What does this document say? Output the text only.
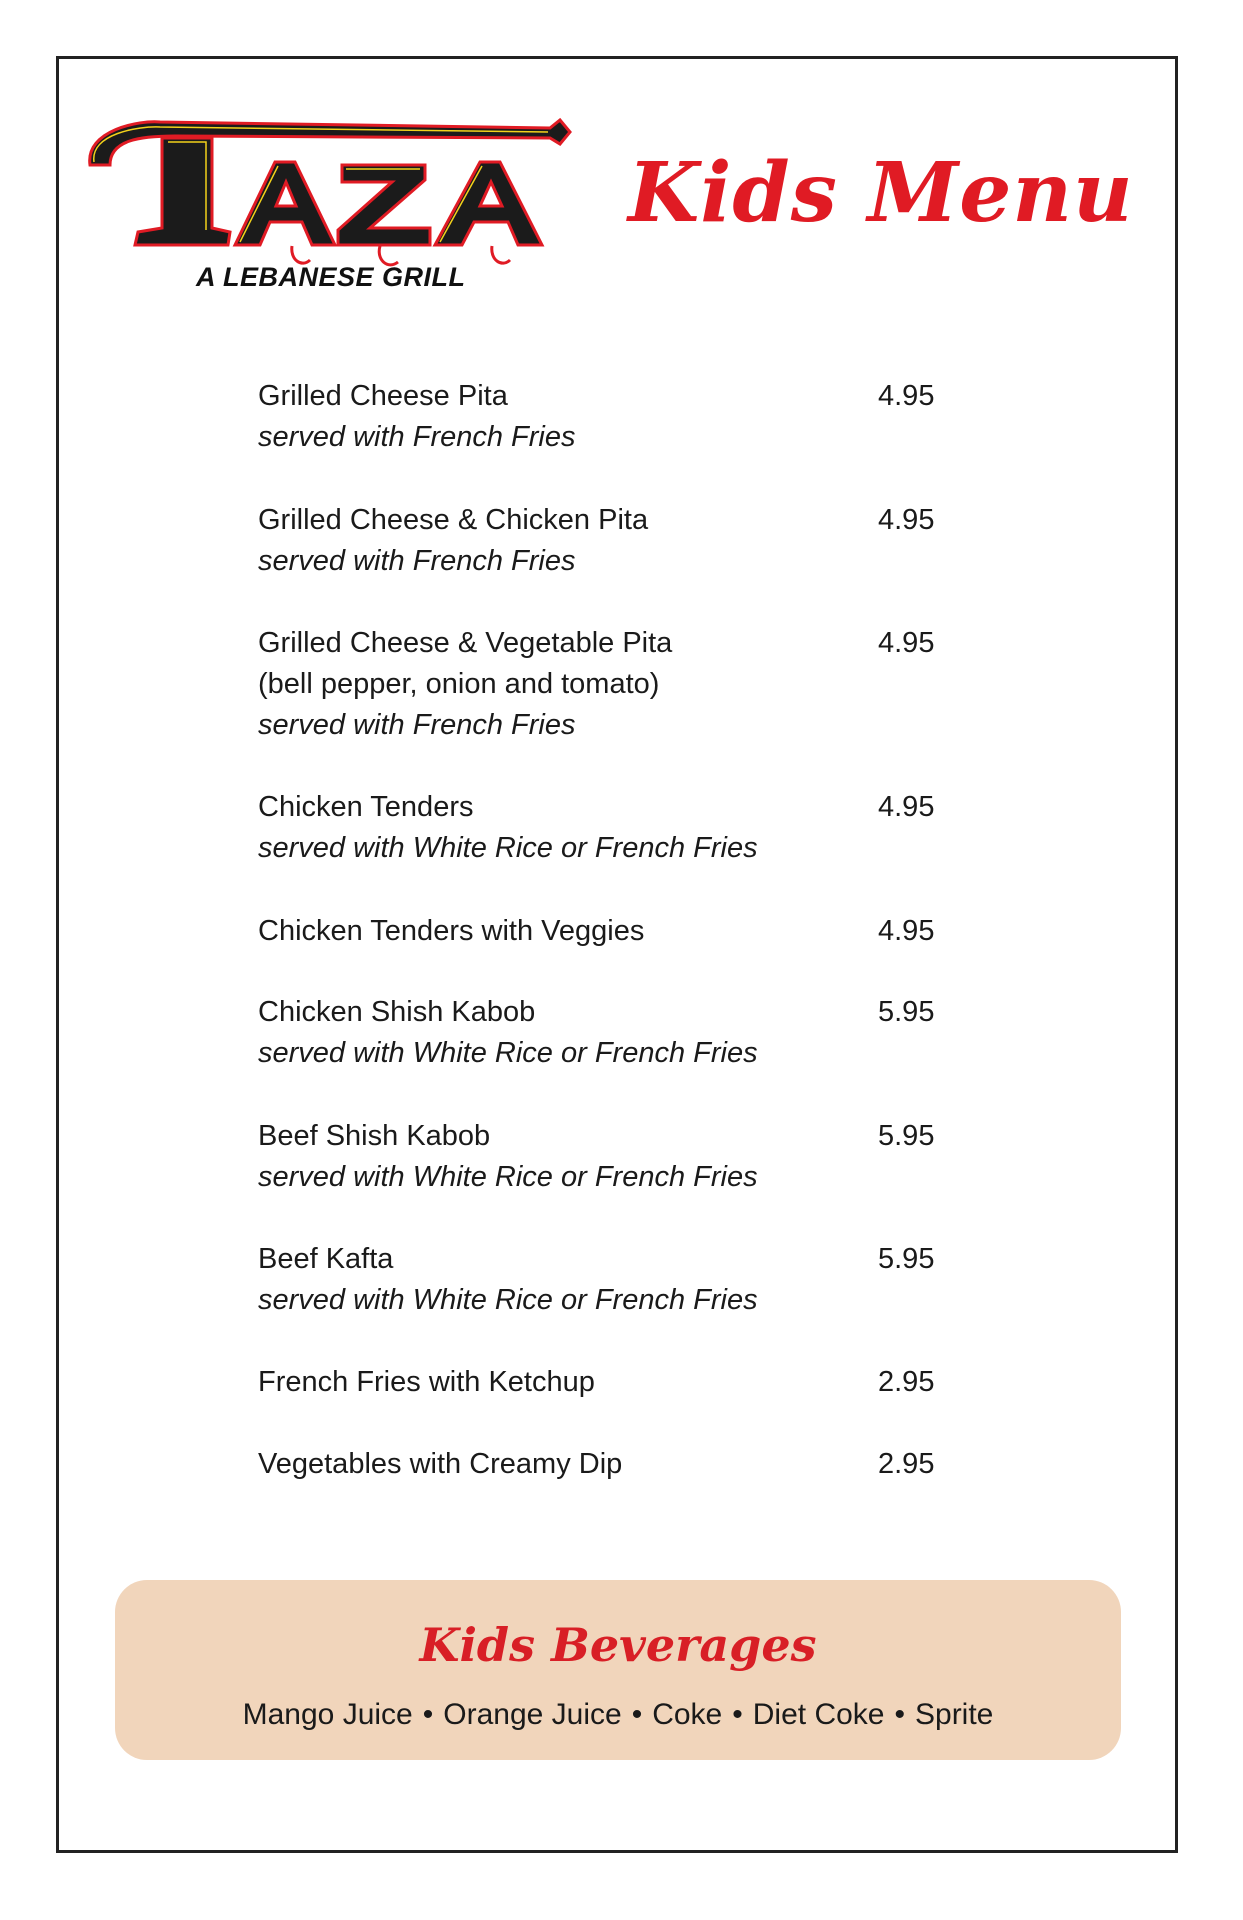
A LEBANESE GRILL
Kids Menu
Grilled Cheese Pita	4.95
served with French Fries
Grilled Cheese & Chicken Pita	4.95
served with French Fries
Grilled Cheese & Vegetable Pita	4.95
(bell pepper, onion and tomato)
served with French Fries
Chicken Tenders	4.95
served with White Rice or French Fries
Chicken Tenders with Veggies	4.95
Chicken Shish Kabob	5.95
served with White Rice or French Fries
Beef Shish Kabob	5.95
served with White Rice or French Fries
Beef Kafta	5.95
served with White Rice or French Fries
French Fries with Ketchup	2.95
Vegetables with Creamy Dip	2.95
Kids Beverages
Mango Juice • Orange Juice • Coke • Diet Coke • Sprite
